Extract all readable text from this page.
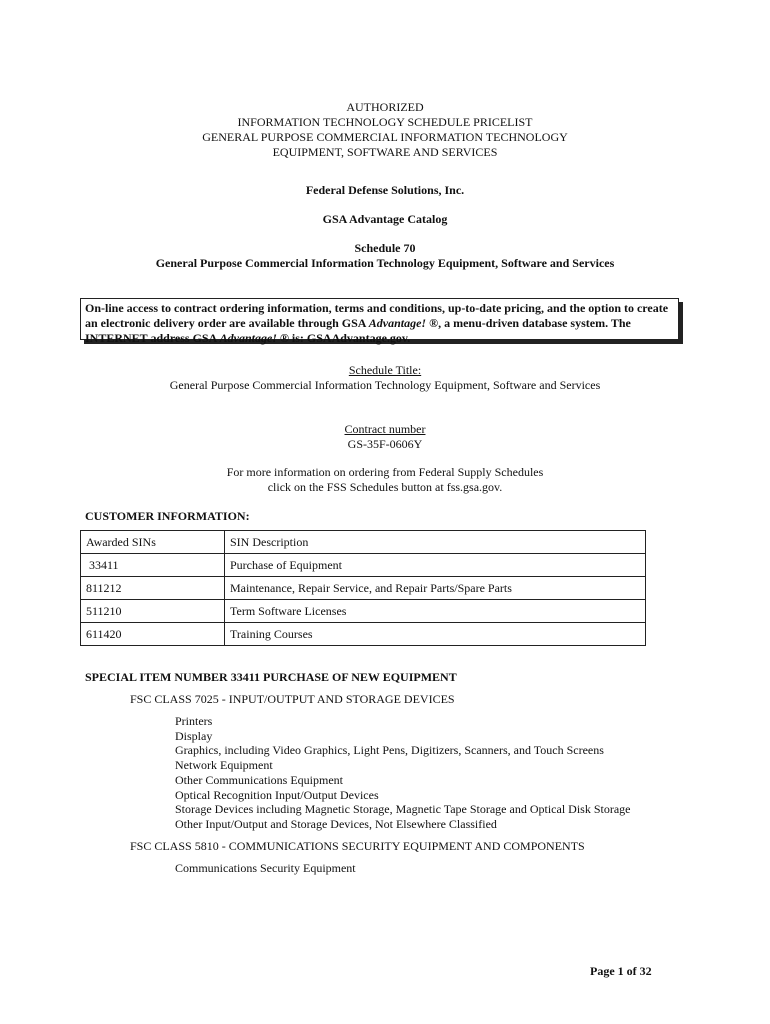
AUTHORIZED
INFORMATION TECHNOLOGY SCHEDULE PRICELIST
GENERAL PURPOSE COMMERCIAL INFORMATION TECHNOLOGY
EQUIPMENT, SOFTWARE AND SERVICES
Federal Defense Solutions, Inc.
GSA Advantage Catalog
Schedule 70
General Purpose Commercial Information Technology Equipment, Software and Services
On-line access to contract ordering information, terms and conditions, up-to-date pricing, and the option to create an electronic delivery order are available through GSA Advantage! ®, a menu-driven database system. The INTERNET address GSA Advantage! ® is: GSAAdvantage.gov.
Schedule Title:
General Purpose Commercial Information Technology Equipment, Software and Services
Contract number
GS-35F-0606Y
For more information on ordering from Federal Supply Schedules
click on the FSS Schedules button at fss.gsa.gov.
CUSTOMER INFORMATION:
Awarded SINs	SIN Description
33411	Purchase of Equipment
811212	Maintenance, Repair Service, and Repair Parts/Spare Parts
511210	Term Software Licenses
611420	Training Courses
SPECIAL ITEM NUMBER 33411 PURCHASE OF NEW EQUIPMENT
FSC CLASS 7025 - INPUT/OUTPUT AND STORAGE DEVICES
Printers
Display
Graphics, including Video Graphics, Light Pens, Digitizers, Scanners, and Touch Screens
Network Equipment
Other Communications Equipment
Optical Recognition Input/Output Devices
Storage Devices including Magnetic Storage, Magnetic Tape Storage and Optical Disk Storage
Other Input/Output and Storage Devices, Not Elsewhere Classified
FSC CLASS 5810 - COMMUNICATIONS SECURITY EQUIPMENT AND COMPONENTS
Communications Security Equipment
Page 1 of 32
